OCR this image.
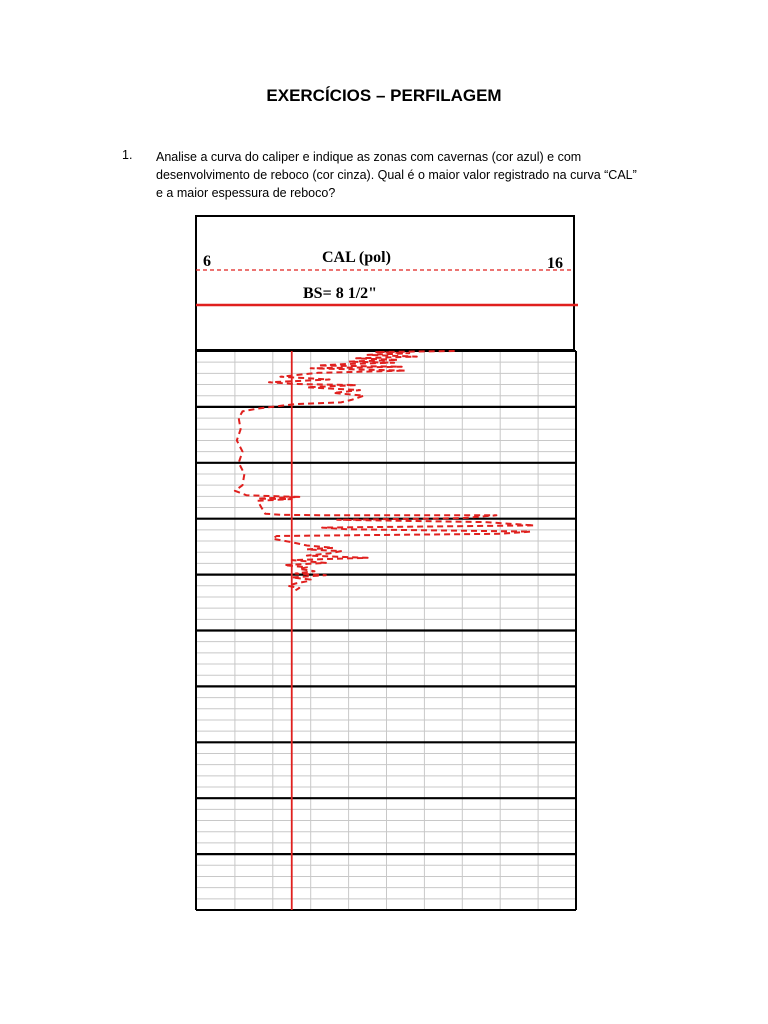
EXERCÍCIOS – PERFILAGEM
1. Analise a curva do caliper e indique as zonas com cavernas (cor azul) e com
desenvolvimento de reboco (cor cinza). Qual é o maior valor registrado na curva “CAL”
e a maior espessura de reboco?
6	CAL (pol)	16
BS= 8 1/2"
